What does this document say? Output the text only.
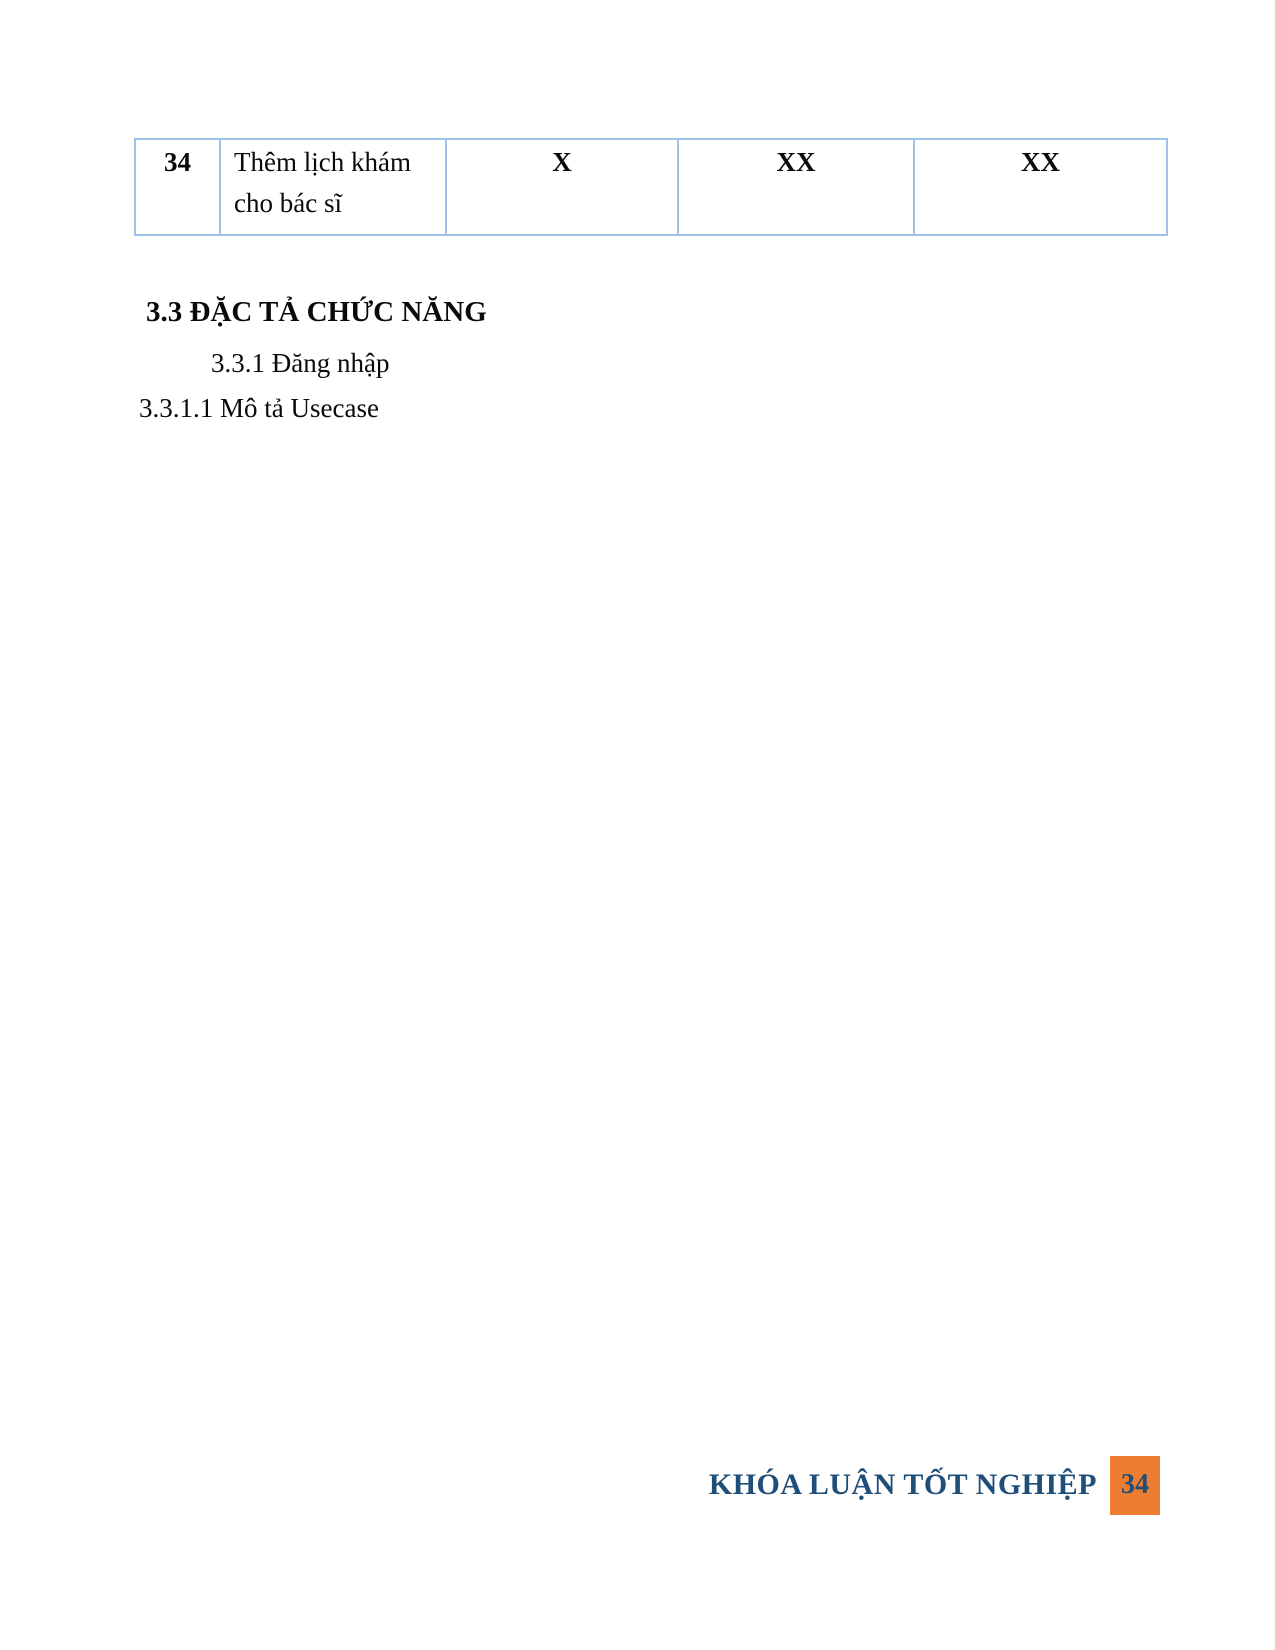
34	Thêm lịch khám cho bác sĩ	X	XX	XX
3.3 ĐẶC TẢ CHỨC NĂNG
3.3.1 Đăng nhập
3.3.1.1 Mô tả Usecase
KHÓA LUẬN TỐT NGHIỆP 34
